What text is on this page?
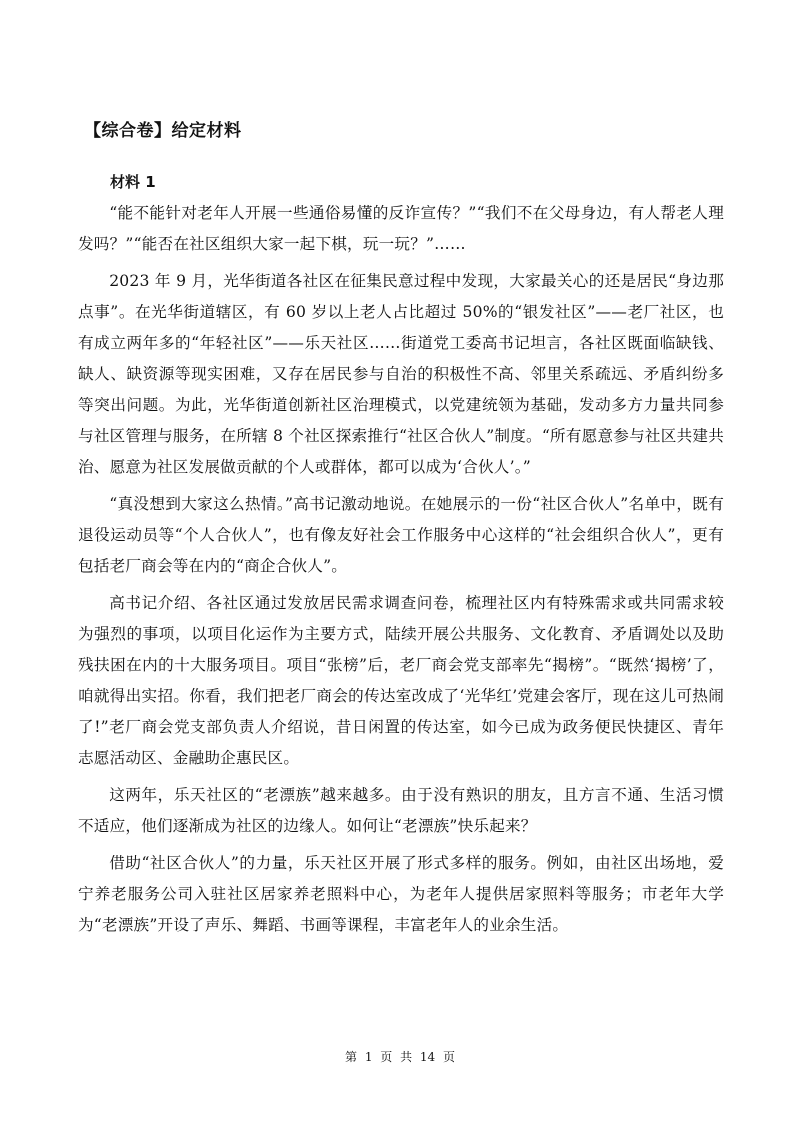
【综合卷】给定材料
材料 1

“能不能针对老年人开展一些通俗易懂的反诈宣传？”“我们不在父母身边，有人帮老人理发吗？”“能否在社区组织大家一起下棋，玩一玩？”……

2023 年 9 月，光华街道各社区在征集民意过程中发现，大家最关心的还是居民“身边那点事”。在光华街道辖区，有 60 岁以上老人占比超过 50%的“银发社区”——老厂社区，也有成立两年多的“年轻社区”——乐天社区……街道党工委高书记坦言，各社区既面临缺钱、缺人、缺资源等现实困难，又存在居民参与自治的积极性不高、邻里关系疏远、矛盾纠纷多等突出问题。为此，光华街道创新社区治理模式，以党建统领为基础，发动多方力量共同参与社区管理与服务，在所辖 8 个社区探索推行“社区合伙人”制度。“所有愿意参与社区共建共治、愿意为社区发展做贡献的个人或群体，都可以成为‘合伙人’。”

“真没想到大家这么热情。”高书记激动地说。在她展示的一份“社区合伙人”名单中，既有退役运动员等“个人合伙人”，也有像友好社会工作服务中心这样的“社会组织合伙人”，更有包括老厂商会等在内的“商企合伙人”。

高书记介绍、各社区通过发放居民需求调查问卷，梳理社区内有特殊需求或共同需求较为强烈的事项，以项目化运作为主要方式，陆续开展公共服务、文化教育、矛盾调处以及助残扶困在内的十大服务项目。项目“张榜”后，老厂商会党支部率先“揭榜”。“既然‘揭榜’了，咱就得出实招。你看，我们把老厂商会的传达室改成了‘光华红’党建会客厅，现在这儿可热闹了!”老厂商会党支部负责人介绍说，昔日闲置的传达室，如今已成为政务便民快捷区、青年志愿活动区、金融助企惠民区。

这两年，乐天社区的“老漂族”越来越多。由于没有熟识的朋友，且方言不通、生活习惯不适应，他们逐渐成为社区的边缘人。如何让“老漂族”快乐起来？

借助“社区合伙人”的力量，乐天社区开展了形式多样的服务。例如，由社区出场地，爱宁养老服务公司入驻社区居家养老照料中心，为老年人提供居家照料等服务；市老年大学为“老漂族”开设了声乐、舞蹈、书画等课程，丰富老年人的业余生活。

第 1 页 共 14 页
